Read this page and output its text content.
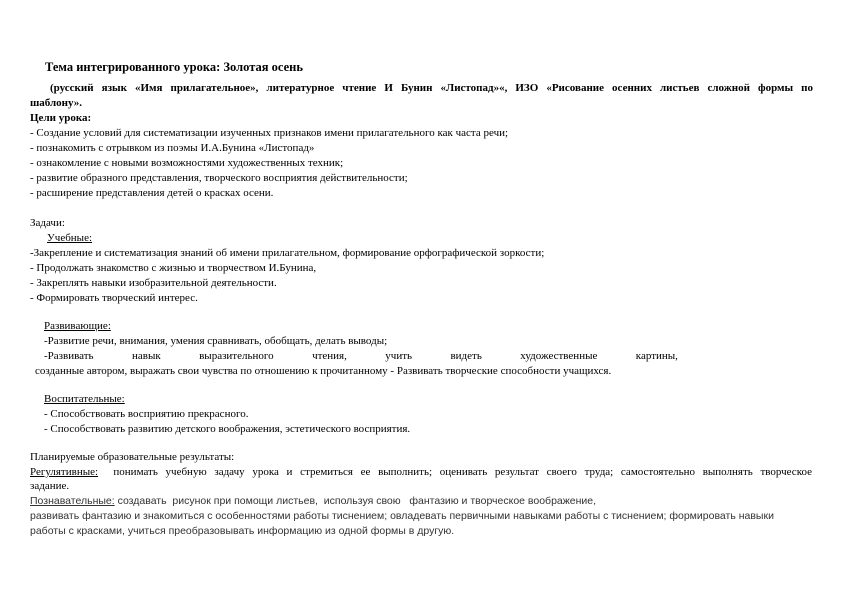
Тема интегрированного урока: Золотая осень
(русский язык «Имя прилагательное», литературное чтение И Бунин «Листопад»«, ИЗО «Рисование осенних листьев сложной формы по
шаблону».
Цели урока:
- Создание условий для систематизации изученных признаков имени прилагательного как часта речи;
- познакомить с отрывком из поэмы И.А.Бунина «Листопад»
- ознакомление с новыми возможностями художественных техник;
- развитие образного представления, творческого восприятия действительности;
- расширение представления детей о красках осени.
Задачи:
Учебные:
-Закрепление и систематизация знаний об имени прилагательном, формирование орфографической зоркости;
- Продолжать знакомство с жизнью и творчеством И.Бунина,
- Закреплять навыки изобразительной деятельности.
- Формировать творческий интерес.
Развивающие:
-Развитие речи, внимания, умения сравнивать, обобщать, делать выводы;
-Развивать	навык	выразительного	чтения,	учить	видеть	художественные	картины,
созданные автором, выражать свои чувства по отношению к прочитанному - Развивать творческие способности учащихся.
Воспитательные:
- Способствовать восприятию прекрасного.
- Способствовать развитию детского воображения, эстетического восприятия.
Планируемые образовательные результаты:
Регулятивные: понимать учебную задачу урока и стремиться ее выполнить; оценивать результат своего труда; самостоятельно выполнять творческое
задание.
Познавательные: создавать  рисунок при помощи листьев,  используя свою   фантазию и творческое воображение,
развивать фантазию и знакомиться с особенностями работы тиснением; овладевать первичными навыками работы с тиснением; формировать навыки
работы с красками, учиться преобразовывать информацию из одной формы в другую.
